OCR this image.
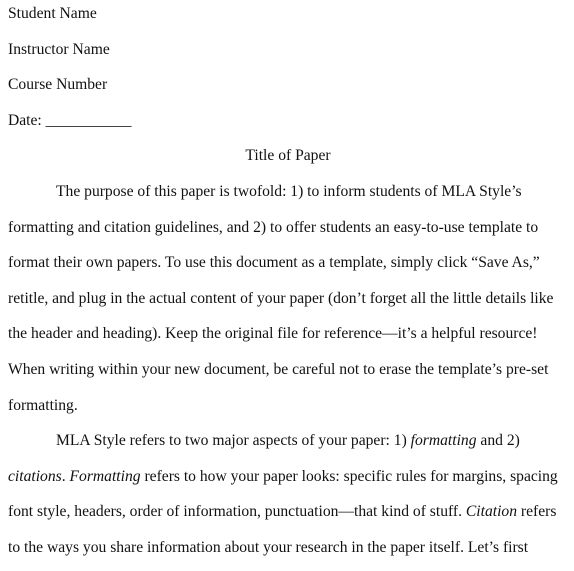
Student Name
Instructor Name
Course Number
Date: ___________
Title of Paper
The purpose of this paper is twofold: 1) to inform students of MLA Style’s
formatting and citation guidelines, and 2) to offer students an easy-to-use template to
format their own papers. To use this document as a template, simply click “Save As,”
retitle, and plug in the actual content of your paper (don’t forget all the little details like
the header and heading). Keep the original file for reference—it’s a helpful resource!
When writing within your new document, be careful not to erase the template’s pre-set
formatting.
MLA Style refers to two major aspects of your paper: 1) formatting and 2)
citations. Formatting refers to how your paper looks: specific rules for margins, spacing
font style, headers, order of information, punctuation—that kind of stuff. Citation refers
to the ways you share information about your research in the paper itself. Let’s first
